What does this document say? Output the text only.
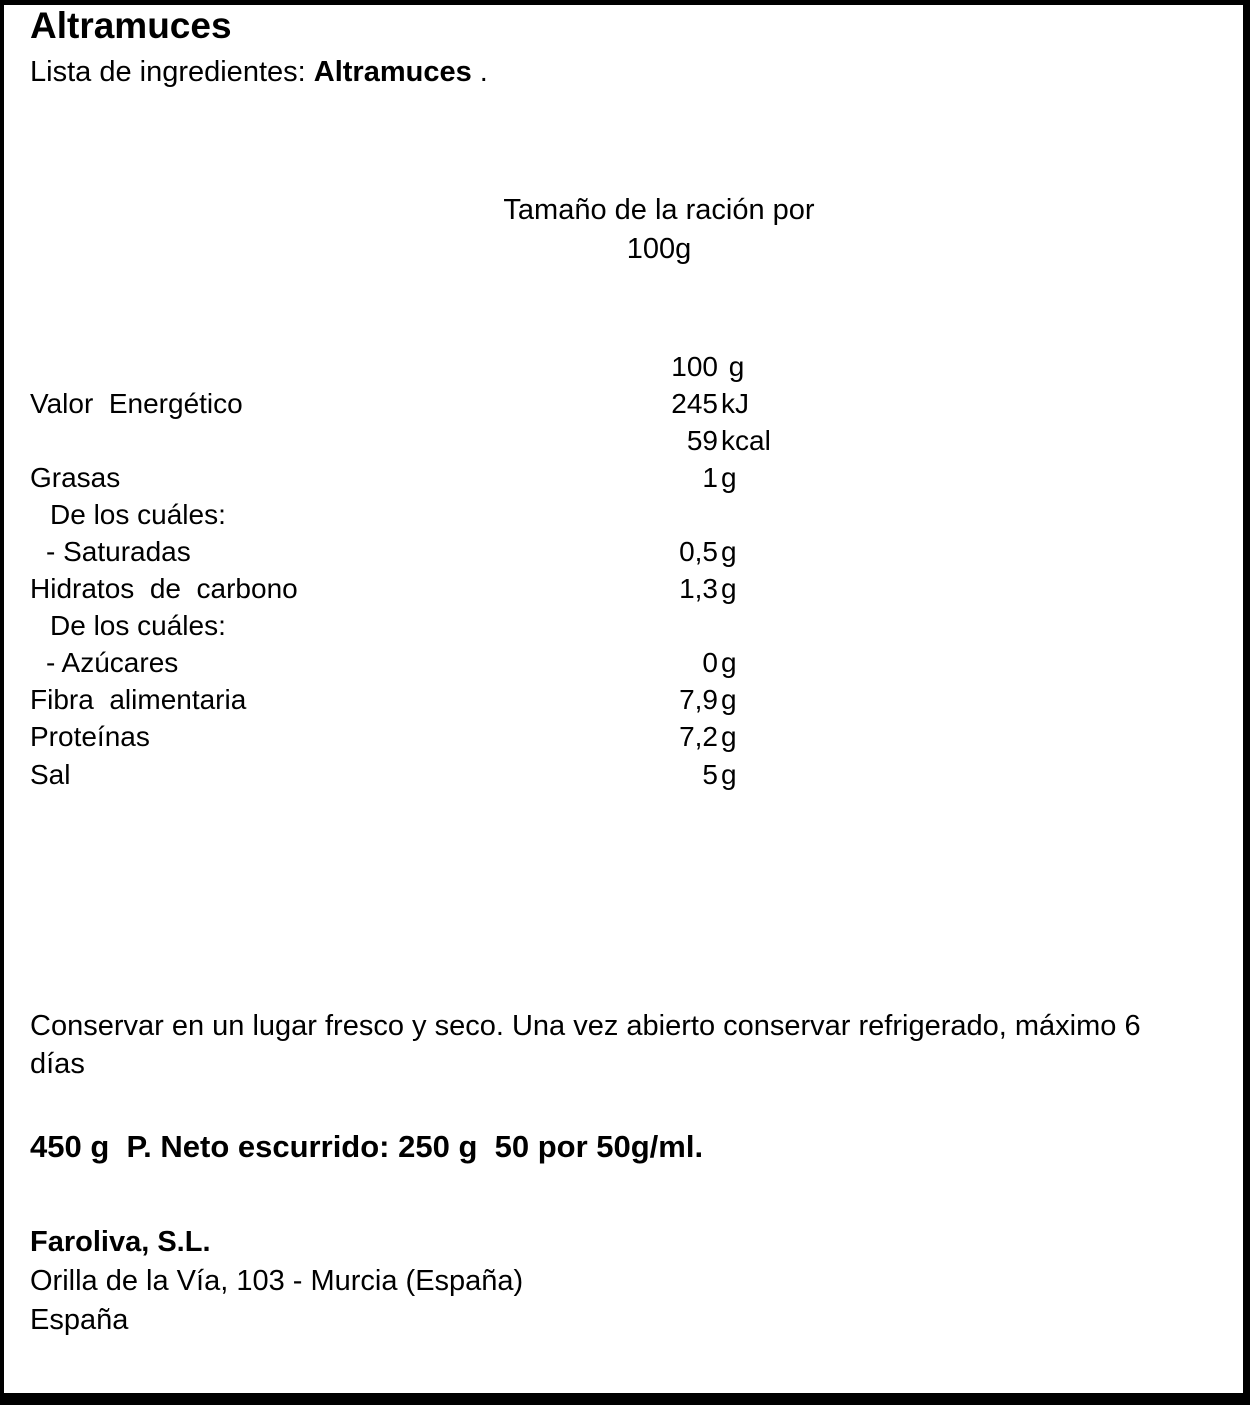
Altramuces
Lista de ingredientes: Altramuces .
Tamaño de la ración por
100g
100 g
Valor  Energético	245 kJ
59 kcal
Grasas	1 g
De los cuáles:
- Saturadas	0,5 g
Hidratos  de  carbono	1,3 g
De los cuáles:
- Azúcares	0 g
Fibra  alimentaria	7,9 g
Proteínas	7,2 g
Sal	5 g
Conservar en un lugar fresco y seco. Una vez abierto conservar refrigerado, máximo 6 días
450 g  P. Neto escurrido: 250 g  50 por 50g/ml.
Faroliva, S.L.
Orilla de la Vía, 103 - Murcia (España)
España
